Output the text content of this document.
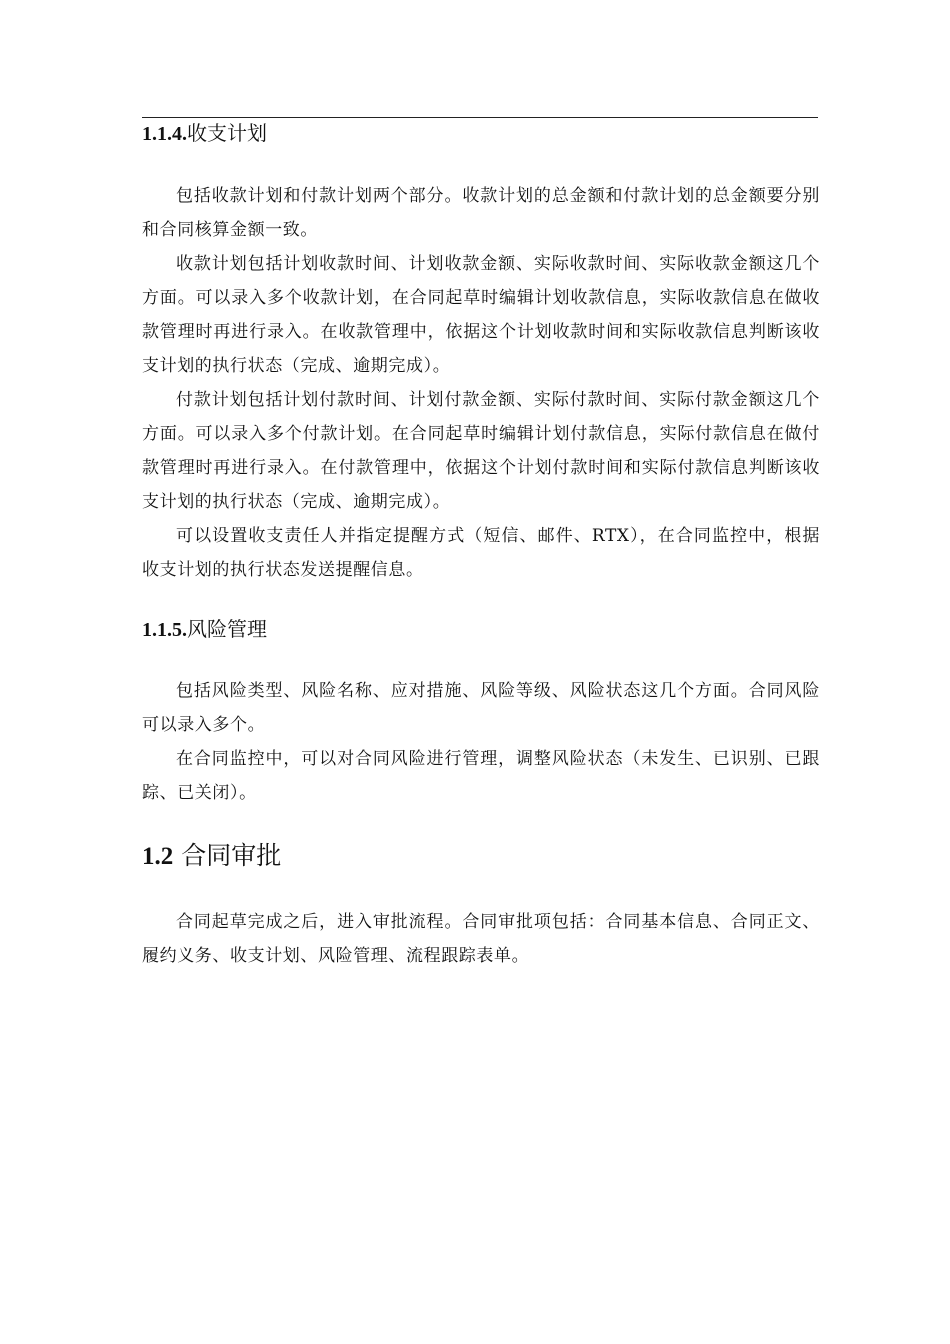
1.1.4.收支计划

包括收款计划和付款计划两个部分。收款计划的总金额和付款计划的总金额要分别和合同核算金额一致。

收款计划包括计划收款时间、计划收款金额、实际收款时间、实际收款金额这几个方面。可以录入多个收款计划，在合同起草时编辑计划收款信息，实际收款信息在做收款管理时再进行录入。在收款管理中，依据这个计划收款时间和实际收款信息判断该收支计划的执行状态（完成、逾期完成）。

付款计划包括计划付款时间、计划付款金额、实际付款时间、实际付款金额这几个方面。可以录入多个付款计划。在合同起草时编辑计划付款信息，实际付款信息在做付款管理时再进行录入。在付款管理中，依据这个计划付款时间和实际付款信息判断该收支计划的执行状态（完成、逾期完成）。

可以设置收支责任人并指定提醒方式（短信、邮件、RTX），在合同监控中，根据收支计划的执行状态发送提醒信息。

1.1.5.风险管理

包括风险类型、风险名称、应对措施、风险等级、风险状态这几个方面。合同风险可以录入多个。

在合同监控中，可以对合同风险进行管理，调整风险状态（未发生、已识别、已跟踪、已关闭）。

1.2 合同审批

合同起草完成之后，进入审批流程。合同审批项包括：合同基本信息、合同正文、履约义务、收支计划、风险管理、流程跟踪表单。
